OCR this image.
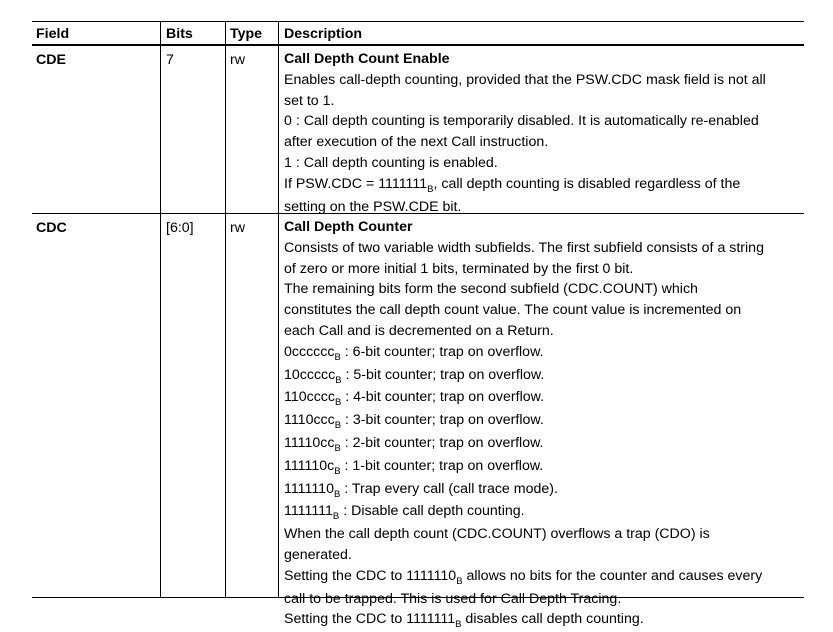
Field	Bits	Type Description
CDE	7	rw	Call Depth Count Enable
Enables call-depth counting, provided that the PSW.CDC mask field is not all
set to 1.
0 : Call depth counting is temporarily disabled. It is automatically re-enabled
after execution of the next Call instruction.
1 : Call depth counting is enabled.
If $PSW.CDC = 1111111_B$, call depth counting is disabled regardless of the
setting on the PSW.CDE bit.
CDC	[6:0]	rw	Call Depth Counter
Consists of two variable width subfields. The first subfield consists of a string
of zero or more initial 1 bits, terminated by the first 0 bit.
The remaining bits form the second subfield (CDC.COUNT) which
constitutes the call depth count value. The count value is incremented on
each Call and is decremented on a Return.
0cccccc$_B$ : 6-bit counter; trap on overflow.
10ccccc$_B$ : 5-bit counter; trap on overflow.
110cccc$_B$ : 4-bit counter; trap on overflow.
1110ccc$_B$ : 3-bit counter; trap on overflow.
$11110cc_B$ : 2-bit counter; trap on overflow.
$111110c_B$ : 1-bit counter; trap on overflow.
$1111110_B$ : Trap every call (call trace mode).
$1111111_B$ : Disable call depth counting.
When the call depth count (CDC.COUNT) overflows a trap (CDO) is
generated.
Setting the CDC to $1111110_B$ allows no bits for the counter and causes every
call to be trapped. This is used for Call Depth Tracing.
Setting the CDC to $1111111_B$ disables call depth counting.
